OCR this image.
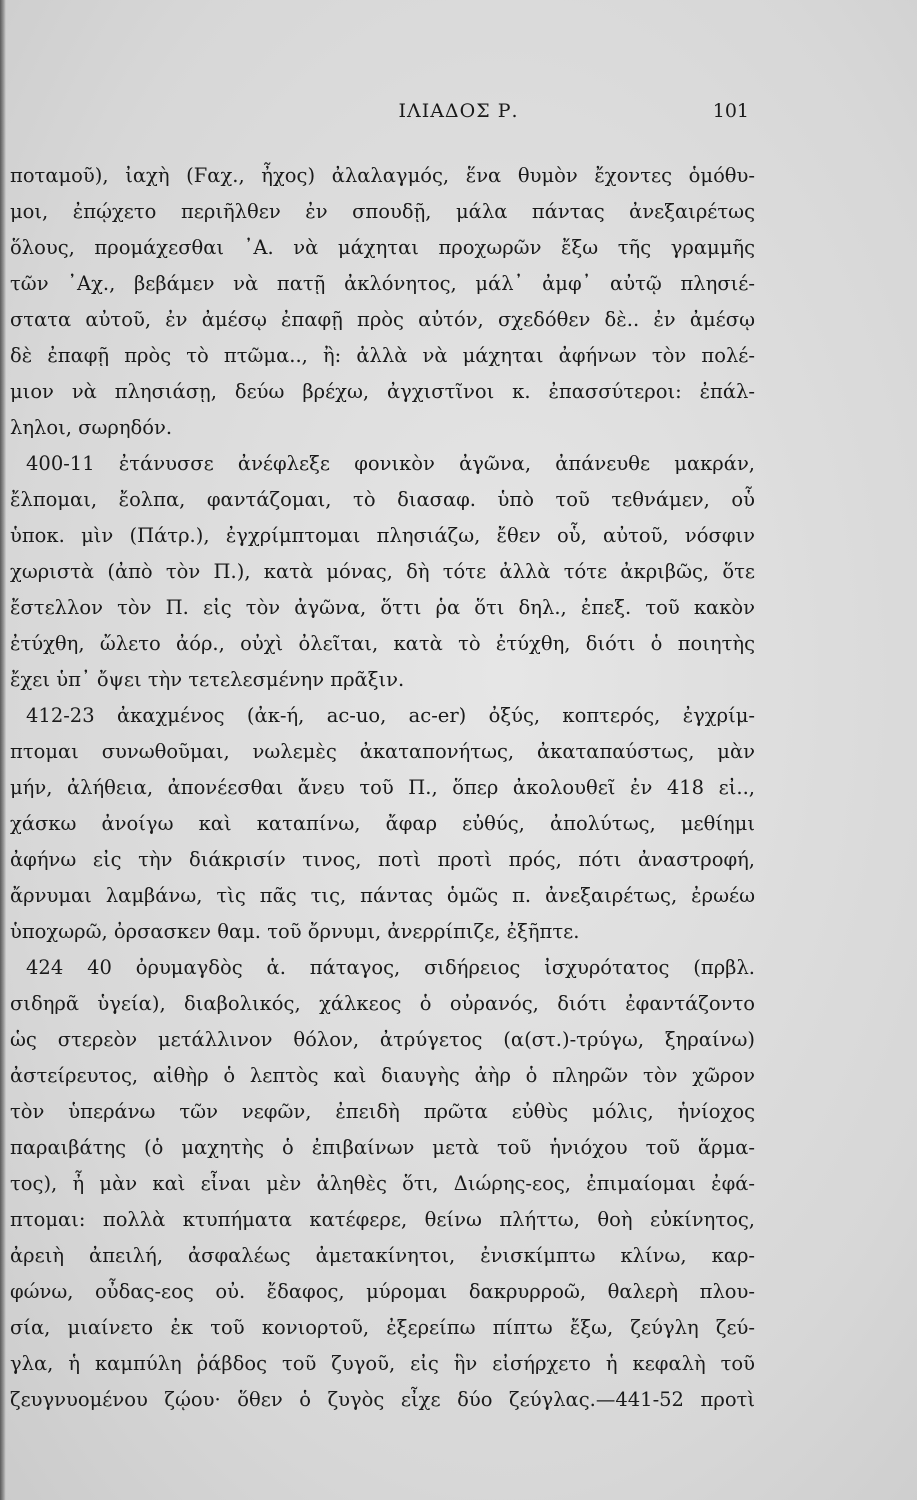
ΙΛΙΑΔΟΣ Ρ.	101
ποταμοῦ), ἰαχὴ (Ϝαχ., ἦχος) ἀλαλαγμός, ἕνα θυμὸν ἔχοντες ὁμόθυ-
μοι, ἐπῴχετο περιῆλθεν ἐν σπουδῇ, μάλα πάντας ἀνεξαιρέτως
ὅλους, προμάχεσθαι ᾽Α. νὰ μάχηται προχωρῶν ἔξω τῆς γραμμῆς
τῶν ᾽Αχ., βεβάμεν νὰ πατῇ ἀκλόνητος, μάλ᾽ ἀμφ᾽ αὐτῷ πλησιέ-
στατα αὐτοῦ, ἐν ἀμέσῳ ἐπαφῇ πρὸς αὐτόν, σχεδόθεν δὲ.. ἐν ἀμέσῳ
δὲ ἐπαφῇ πρὸς τὸ πτῶμα.., ἢ: ἀλλὰ νὰ μάχηται ἀφήνων τὸν πολέ-
μιον νὰ πλησιάσῃ, δεύω βρέχω, ἀγχιστῖνοι κ. ἐπασσύτεροι: ἐπάλ-
ληλοι, σωρηδόν.
400-11 ἐτάνυσσε ἀνέφλεξε φονικὸν ἀγῶνα, ἀπάνευθε μακράν,
ἔλπομαι, ἔολπα, φαντάζομαι, τὸ διασαφ. ὑπὸ τοῦ τεθνάμεν, οὗ
ὑποκ. μὶν (Πάτρ.), ἐγχρίμπτομαι πλησιάζω, ἔθεν οὗ, αὐτοῦ, νόσφιν
χωριστὰ (ἀπὸ τὸν Π.), κατὰ μόνας, δὴ τότε ἀλλὰ τότε ἀκριβῶς, ὅτε
ἔστελλον τὸν Π. εἰς τὸν ἀγῶνα, ὅττι ῥα ὅτι δηλ., ἐπεξ. τοῦ κακὸν
ἐτύχθη, ὤλετο ἀόρ., οὐχὶ ὀλεῖται, κατὰ τὸ ἐτύχθη, διότι ὁ ποιητὴς
ἔχει ὑπ᾽ ὄψει τὴν τετελεσμένην πρᾶξιν.
412-23 ἀκαχμένος (ἀκ-ή, ac-uo, ac-er) ὀξύς, κοπτερός, ἐγχρίμ-
πτομαι συνωθοῦμαι, νωλεμὲς ἀκαταπονήτως, ἀκαταπαύστως, μὰν
μήν, ἀλήθεια, ἀπονέεσθαι ἄνευ τοῦ Π., ὅπερ ἀκολουθεῖ ἐν 418 εἰ..,
χάσκω ἀνοίγω καὶ καταπίνω, ἄφαρ εὐθύς, ἀπολύτως, μεθίημι
ἀφήνω εἰς τὴν διάκρισίν τινος, ποτὶ προτὶ πρός, πότι ἀναστροφή,
ἄρνυμαι λαμβάνω, τὶς πᾶς τις, πάντας ὁμῶς π. ἀνεξαιρέτως, ἐρωέω
ὑποχωρῶ, ὀρσασκεν θαμ. τοῦ ὄρνυμι, ἀνερρίπιζε, ἐξῆπτε.
424 40 ὀρυμαγδὸς ἁ. πάταγος, σιδήρειος ἰσχυρότατος (πρβλ.
σιδηρᾶ ὑγεία), διαβολικός, χάλκεος ὁ οὐρανός, διότι ἐφαντάζοντο
ὡς στερεὸν μετάλλινον θόλον, ἀτρύγετος (α(στ.)-τρύγω, ξηραίνω)
ἀστείρευτος, αἰθὴρ ὁ λεπτὸς καὶ διαυγὴς ἀὴρ ὁ πληρῶν τὸν χῶρον
τὸν ὑπεράνω τῶν νεφῶν, ἐπειδὴ πρῶτα εὐθὺς μόλις, ἡνίοχος
παραιβάτης (ὁ μαχητὴς ὁ ἐπιβαίνων μετὰ τοῦ ἡνιόχου τοῦ ἅρμα-
τος), ἦ μὰν καὶ εἶναι μὲν ἀληθὲς ὅτι, Διώρης-εος, ἐπιμαίομαι ἐφά-
πτομαι: πολλὰ κτυπήματα κατέφερε, θείνω πλήττω, θοὴ εὐκίνητος,
ἀρειὴ ἀπειλή, ἀσφαλέως ἀμετακίνητοι, ἐνισκίμπτω κλίνω, καρ-
φώνω, οὖδας-εος οὐ. ἔδαφος, μύρομαι δακρυρροῶ, θαλερὴ πλου-
σία, μιαίνετο ἐκ τοῦ κονιορτοῦ, ἐξερείπω πίπτω ἔξω, ζεύγλη ζεύ-
γλα, ἡ καμπύλη ῥάβδος τοῦ ζυγοῦ, εἰς ἣν εἰσήρχετο ἡ κεφαλὴ τοῦ
ζευγνυομένου ζῴου· ὅθεν ὁ ζυγὸς εἶχε δύο ζεύγλας.—441-52 προτὶ
